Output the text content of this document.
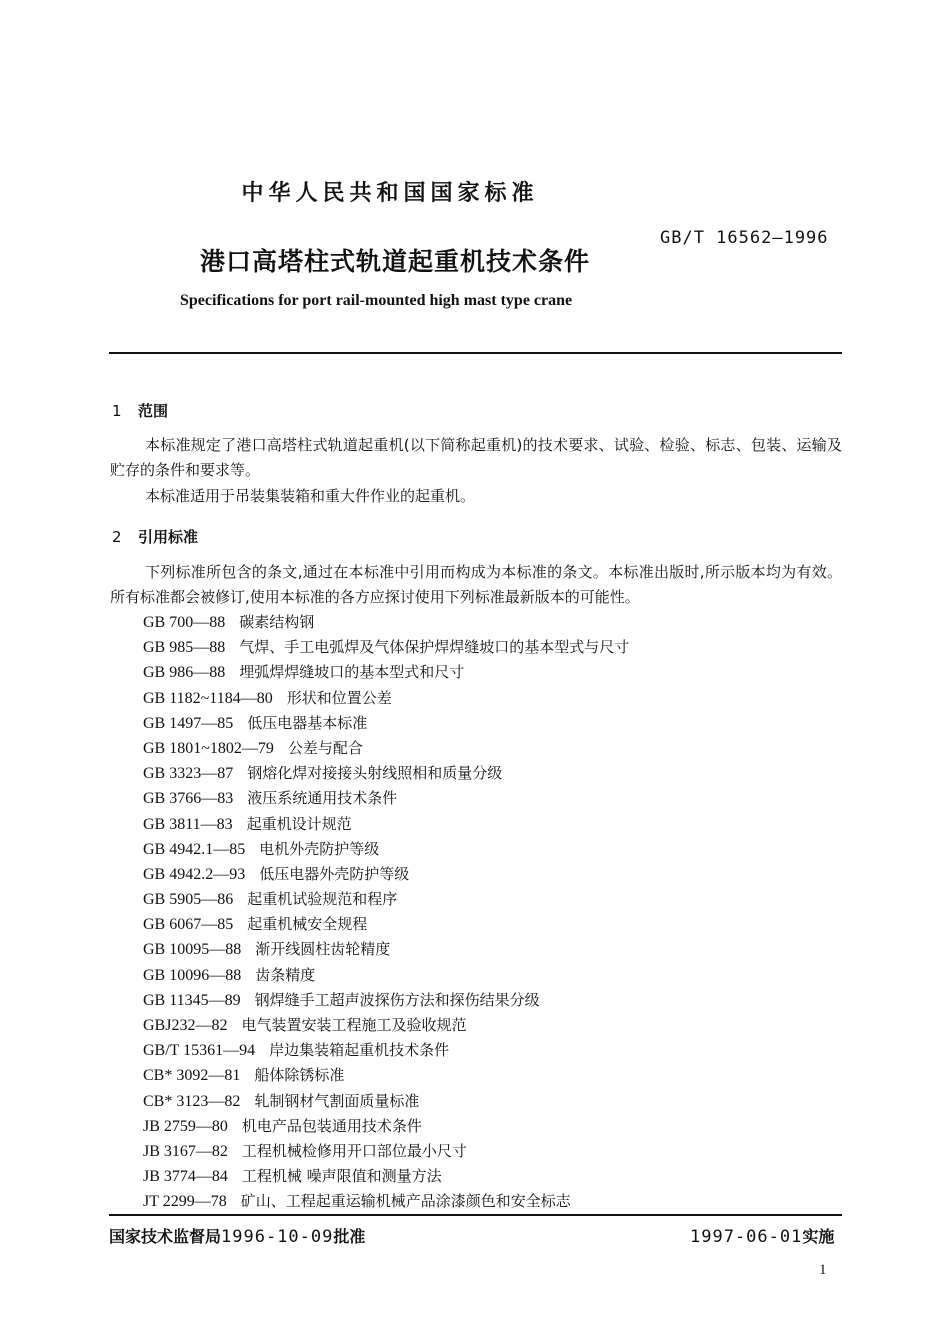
中华人民共和国国家标准
GB/T 16562—1996
港口高塔柱式轨道起重机技术条件
Specifications for port rail-mounted high mast type crane
1 范围
本标准规定了港口高塔柱式轨道起重机(以下简称起重机)的技术要求、试验、检验、标志、包装、运输及贮存的条件和要求等。
本标准适用于吊装集装箱和重大件作业的起重机。
2 引用标准
下列标准所包含的条文,通过在本标准中引用而构成为本标准的条文。本标准出版时,所示版本均为有效。所有标准都会被修订,使用本标准的各方应探讨使用下列标准最新版本的可能性。
GB 700—88 碳素结构钢
GB 985—88 气焊、手工电弧焊及气体保护焊焊缝坡口的基本型式与尺寸
GB 986—88 埋弧焊焊缝坡口的基本型式和尺寸
GB 1182~1184—80 形状和位置公差
GB 1497—85 低压电器基本标准
GB 1801~1802—79 公差与配合
GB 3323—87 钢熔化焊对接接头射线照相和质量分级
GB 3766—83 液压系统通用技术条件
GB 3811—83 起重机设计规范
GB 4942.1—85 电机外壳防护等级
GB 4942.2—93 低压电器外壳防护等级
GB 5905—86 起重机试验规范和程序
GB 6067—85 起重机械安全规程
GB 10095—88 渐开线圆柱齿轮精度
GB 10096—88 齿条精度
GB 11345—89 钢焊缝手工超声波探伤方法和探伤结果分级
GBJ232—82 电气装置安装工程施工及验收规范
GB/T 15361—94 岸边集装箱起重机技术条件
CB* 3092—81 船体除锈标准
CB* 3123—82 轧制钢材气割面质量标准
JB 2759—80 机电产品包装通用技术条件
JB 3167—82 工程机械检修用开口部位最小尺寸
JB 3774—84 工程机械 噪声限值和测量方法
JT 2299—78 矿山、工程起重运输机械产品涂漆颜色和安全标志
国家技术监督局1996-10-09批准	1997-06-01实施
1
